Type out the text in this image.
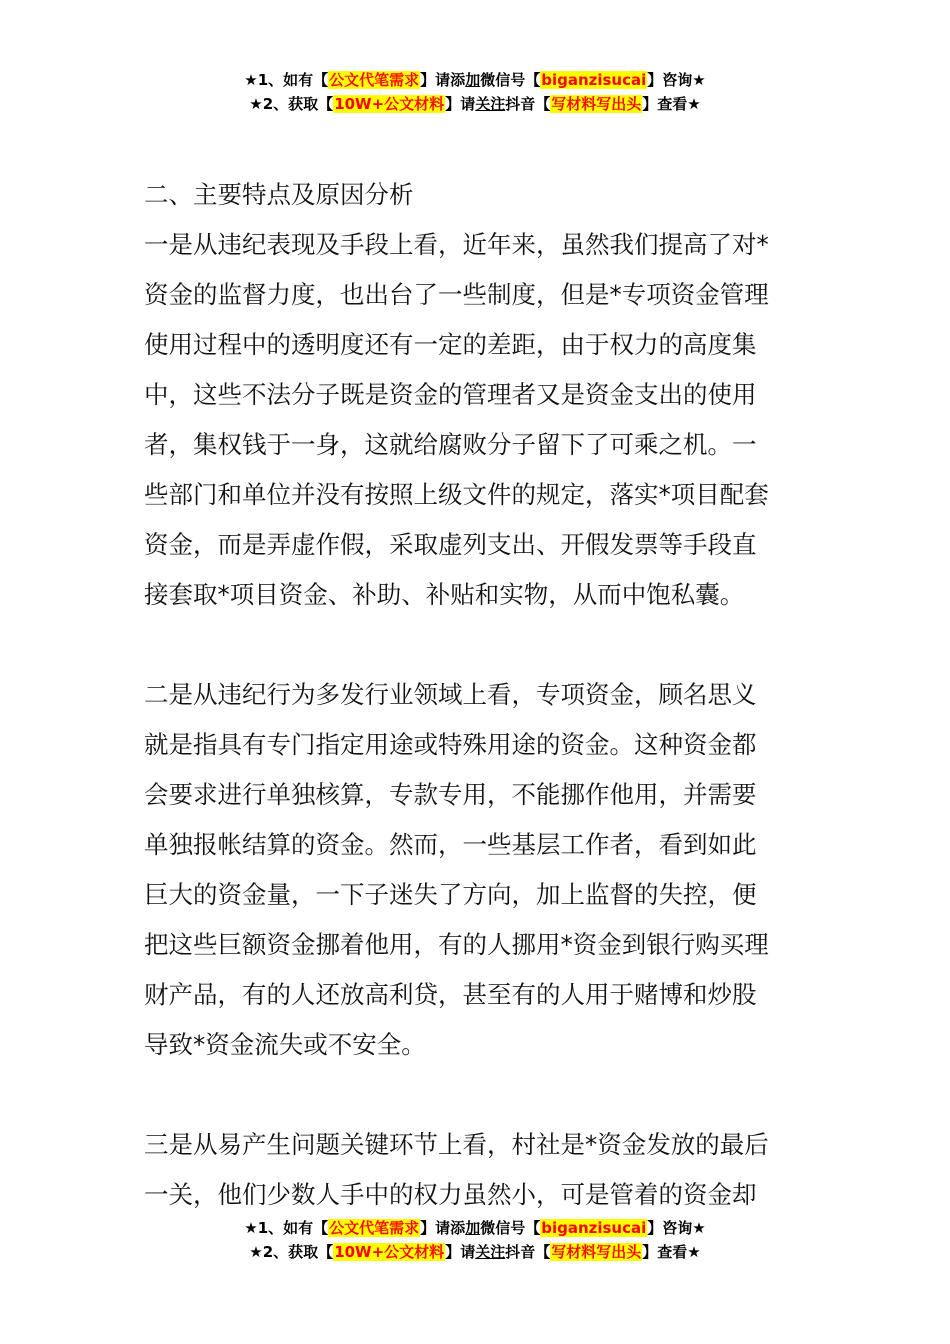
★1、如有【公文代笔需求】请添加微信号【biganzisucai】咨询★
★2、获取【10W+公文材料】请关注抖音【写材料写出头】查看★
二、主要特点及原因分析
一是从违纪表现及手段上看，近年来，虽然我们提高了对*
资金的监督力度，也出台了一些制度，但是*专项资金管理
使用过程中的透明度还有一定的差距，由于权力的高度集
中，这些不法分子既是资金的管理者又是资金支出的使用
者，集权钱于一身，这就给腐败分子留下了可乘之机。一
些部门和单位并没有按照上级文件的规定，落实*项目配套
资金，而是弄虚作假，采取虚列支出、开假发票等手段直
接套取*项目资金、补助、补贴和实物，从而中饱私囊。
二是从违纪行为多发行业领域上看，专项资金，顾名思义
就是指具有专门指定用途或特殊用途的资金。这种资金都
会要求进行单独核算，专款专用，不能挪作他用，并需要
单独报帐结算的资金。然而，一些基层工作者，看到如此
巨大的资金量，一下子迷失了方向，加上监督的失控，便
把这些巨额资金挪着他用，有的人挪用*资金到银行购买理
财产品，有的人还放高利贷，甚至有的人用于赌博和炒股
导致*资金流失或不安全。
三是从易产生问题关键环节上看，村社是*资金发放的最后
一关，他们少数人手中的权力虽然小，可是管着的资金却
★1、如有【公文代笔需求】请添加微信号【biganzisucai】咨询★
★2、获取【10W+公文材料】请关注抖音【写材料写出头】查看★
